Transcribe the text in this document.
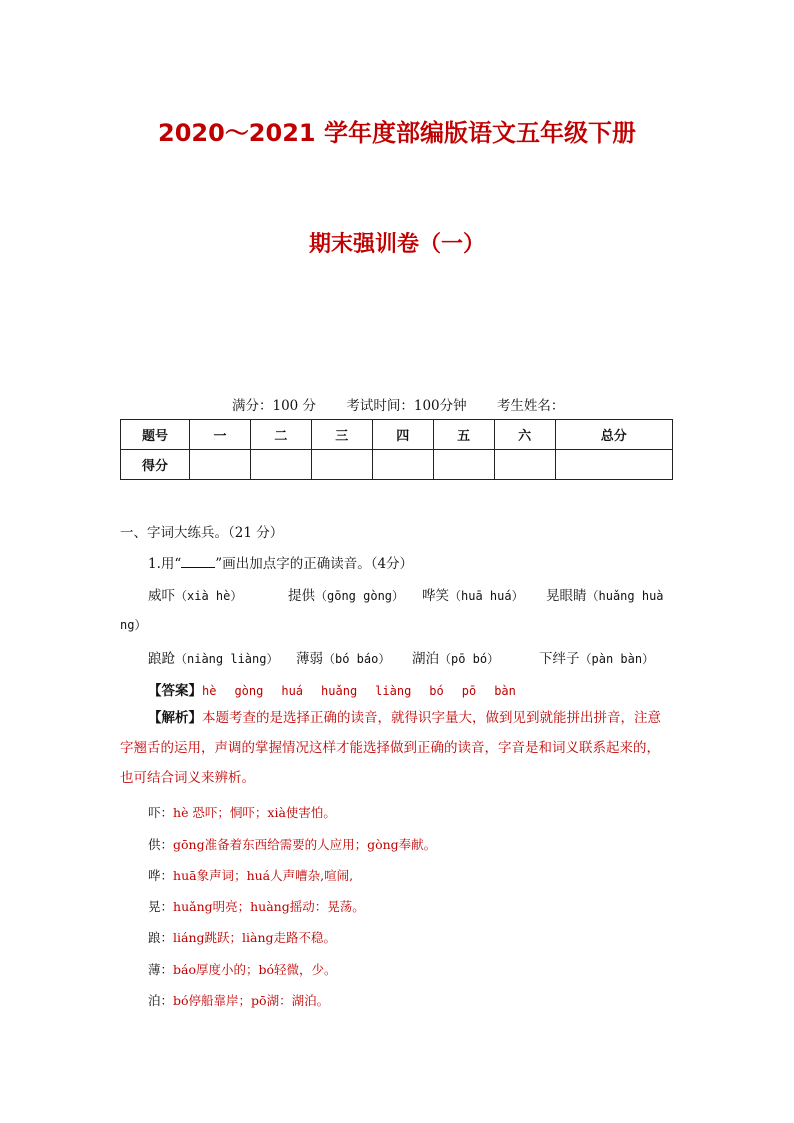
2020～2021 学年度部编版语文五年级下册
期末强训卷（一）
满分：100 分 考试时间：100分钟 考生姓名：
题号	一	二	三	四	五	六	总分
得分							
一、字词大练兵。（21 分）
1.用“	”画出加点字的正确读音。（4分）
威吓（xià hè）	提供（gōng gòng） 哗笑（huā huá） 晃眼睛（huǎng huà
ng）
踉跄（niàng liàng） 薄弱（bó báo） 湖泊（pō bó）	下绊子（pàn bàn）
【答案】hè gòng huá huǎng liàng bó pō bàn
【解析】本题考查的是选择正确的读音，就得识字量大，做到见到就能拼出拼音，注意字翘舌的运用，声调的掌握情况这样才能选择做到正确的读音，字音是和词义联系起来的，也可结合词义来辨析。
吓：hè 恐吓；恫吓；xià使害怕。
供：gōng准备着东西给需要的人应用；gòng奉献。
哗：huā象声词；huá人声嘈杂,喧闹,
晃：huǎng明亮；huàng摇动：晃荡。
踉：liáng跳跃；liàng走路不稳。
薄：báo厚度小的；bó轻微，少。
泊：bó停船靠岸；pō湖：湖泊。
